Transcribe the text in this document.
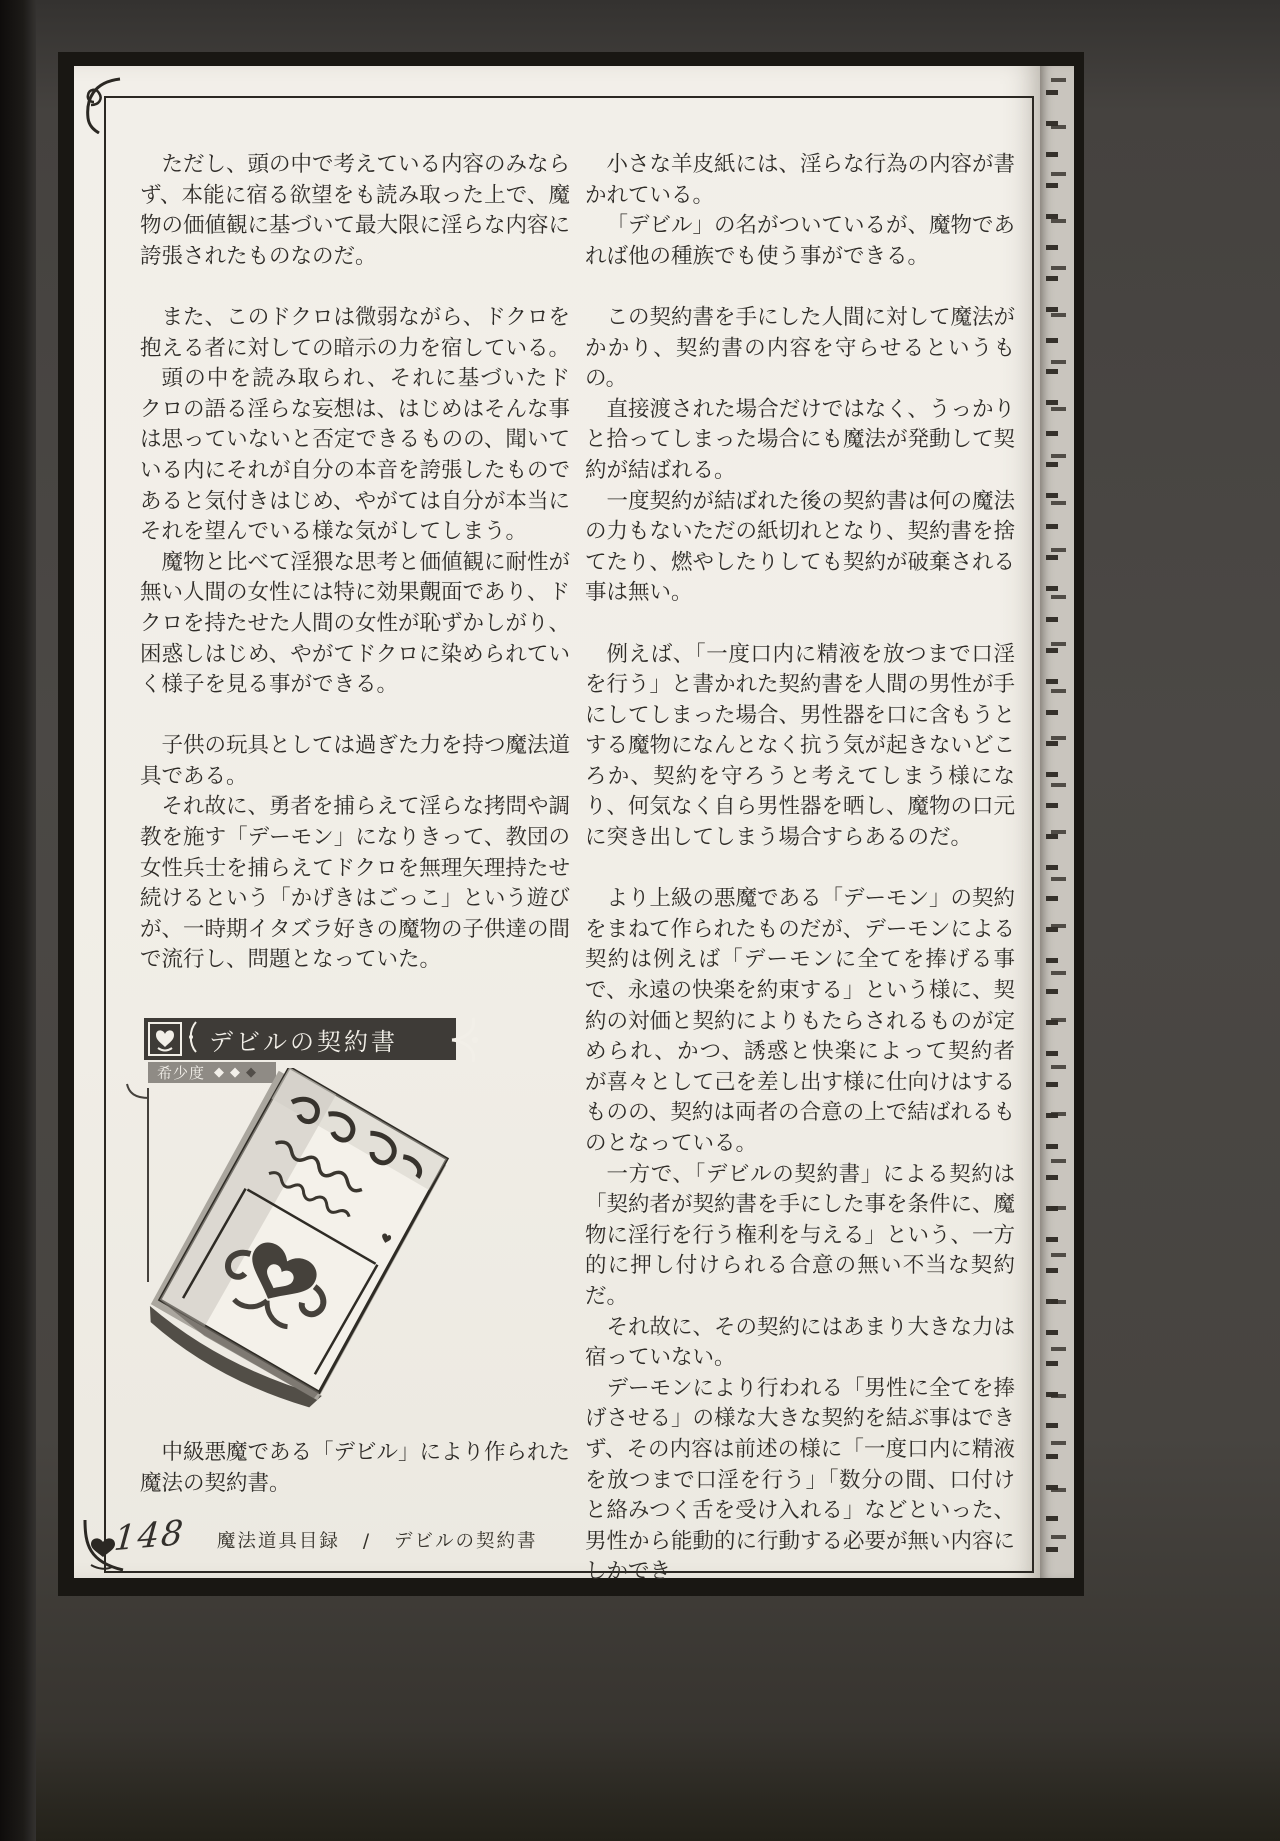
ただし、頭の中で考えている内容のみならず、本能に宿る欲望をも読み取った上で、魔物の価値観に基づいて最大限に淫らな内容に誇張されたものなのだ。

また、このドクロは微弱ながら、ドクロを抱える者に対しての暗示の力を宿している。

頭の中を読み取られ、それに基づいたドクロの語る淫らな妄想は、はじめはそんな事は思っていないと否定できるものの、聞いている内にそれが自分の本音を誇張したものであると気付きはじめ、やがては自分が本当にそれを望んでいる様な気がしてしまう。

魔物と比べて淫猥な思考と価値観に耐性が無い人間の女性には特に効果覿面であり、ドクロを持たせた人間の女性が恥ずかしがり、困惑しはじめ、やがてドクロに染められていく様子を見る事ができる。

子供の玩具としては過ぎた力を持つ魔法道具である。

それ故に、勇者を捕らえて淫らな拷問や調教を施す「デーモン」になりきって、教団の女性兵士を捕らえてドクロを無理矢理持たせ続けるという「かげきはごっこ」という遊びが、一時期イタズラ好きの魔物の子供達の間で流行し、問題となっていた。

小さな羊皮紙には、淫らな行為の内容が書かれている。

「デビル」の名がついているが、魔物であれば他の種族でも使う事ができる。

この契約書を手にした人間に対して魔法がかかり、契約書の内容を守らせるというもの。

直接渡された場合だけではなく、うっかりと拾ってしまった場合にも魔法が発動して契約が結ばれる。

一度契約が結ばれた後の契約書は何の魔法の力もないただの紙切れとなり、契約書を捨てたり、燃やしたりしても契約が破棄される事は無い。

例えば、「一度口内に精液を放つまで口淫を行う」と書かれた契約書を人間の男性が手にしてしまった場合、男性器を口に含もうとする魔物になんとなく抗う気が起きないどころか、契約を守ろうと考えてしまう様になり、何気なく自ら男性器を晒し、魔物の口元に突き出してしまう場合すらあるのだ。

より上級の悪魔である「デーモン」の契約をまねて作られたものだが、デーモンによる契約は例えば「デーモンに全てを捧げる事で、永遠の快楽を約束する」という様に、契約の対価と契約によりもたらされるものが定められ、かつ、誘惑と快楽によって契約者が喜々として己を差し出す様に仕向けはするものの、契約は両者の合意の上で結ばれるものとなっている。

一方で、「デビルの契約書」による契約は「契約者が契約書を手にした事を条件に、魔物に淫行を行う権利を与える」という、一方的に押し付けられる合意の無い不当な契約だ。

それ故に、その契約にはあまり大きな力は宿っていない。

デーモンにより行われる「男性に全てを捧げさせる」の様な大きな契約を結ぶ事はできず、その内容は前述の様に「一度口内に精液を放つまで口淫を行う」「数分の間、口付けと絡みつく舌を受け入れる」などといった、男性から能動的に行動する必要が無い内容にしかでき

デビルの契約書
希少度 ◆ ◆ ◆

中級悪魔である「デビル」により作られた魔法の契約書。

148 魔法道具目録 / デビルの契約書
